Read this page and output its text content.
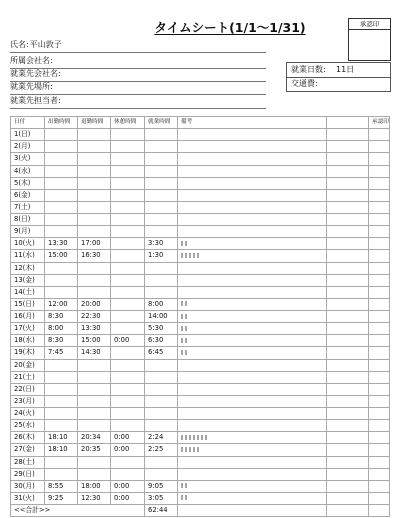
タイムシート(1/1～1/31)	承認印
氏名:平山敦子
所属会社名:
就業先会社名:
就業先場所:
就業先担当者:
就業日数: 11日
交通費:
日付	出勤時間	退勤時間	休憩時間	就業時間	備考		承認印
1(日)							
2(月)							
3(火)							
4(水)							
5(木)							
6(金)							
7(土)							
8(日)							
9(月)							
10(火)	13:30	17:00		3:30			
11(水)	15:00	16:30		1:30			
12(木)							
13(金)							
14(土)							
15(日)	12:00	20:00		8:00			
16(月)	8:30	22:30		14:00			
17(火)	8:00	13:30		5:30			
18(水)	8:30	15:00	0:00	6:30			
19(木)	7:45	14:30		6:45			
20(金)							
21(土)							
22(日)							
23(月)							
24(火)							
25(水)							
26(木)	18:10	20:34	0:00	2:24			
27(金)	18:10	20:35	0:00	2:25			
28(土)							
29(日)							
30(月)	8:55	18:00	0:00	9:05			
31(火)	9:25	12:30	0:00	3:05			
<<合計>>				62:44			
